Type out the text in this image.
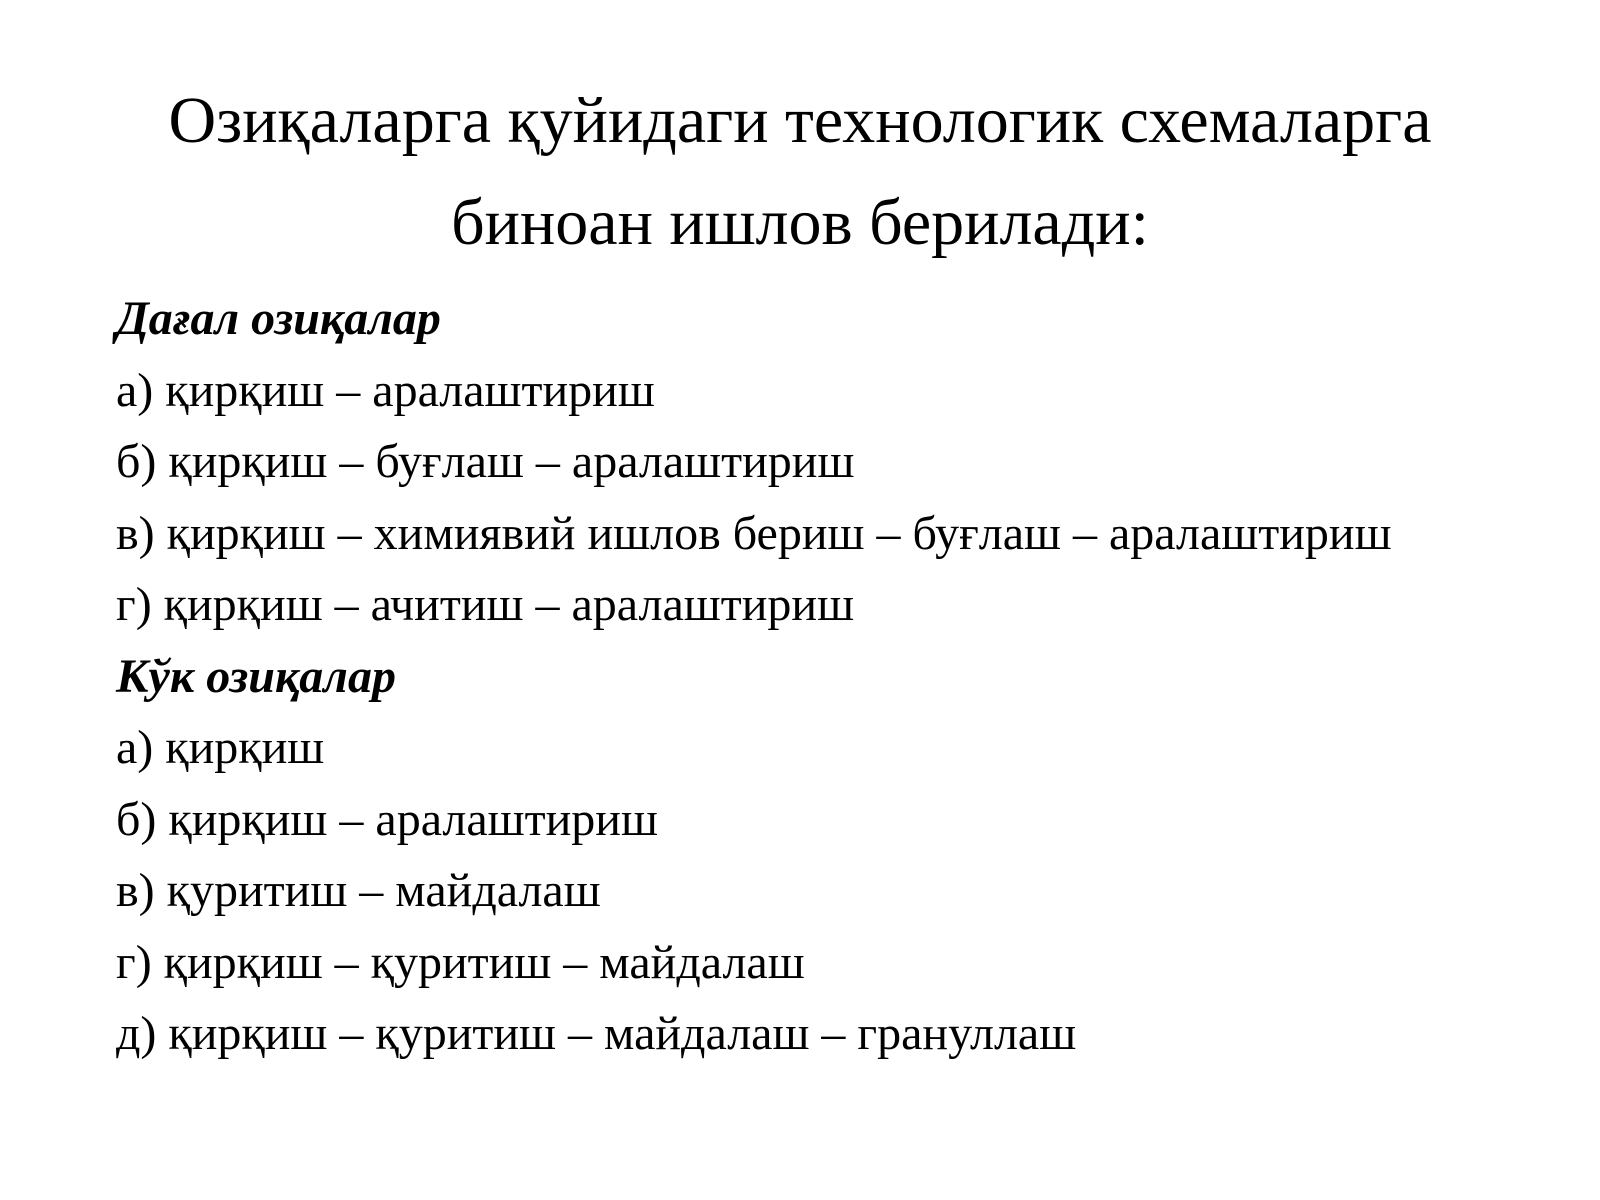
Озиқаларга қуйидаги технологик схемаларга
биноан ишлов берилади:
Дағал озиқалар
а) қирқиш – аралаштириш
б) қирқиш – буғлаш – аралаштириш
в) қирқиш – химиявий ишлов бериш – буғлаш – аралаштириш
г) қирқиш – ачитиш – аралаштириш
Кўк озиқалар
а) қирқиш
б) қирқиш – аралаштириш
в) қуритиш – майдалаш
г) қирқиш – қуритиш – майдалаш
д) қирқиш – қуритиш – майдалаш – грануллаш
